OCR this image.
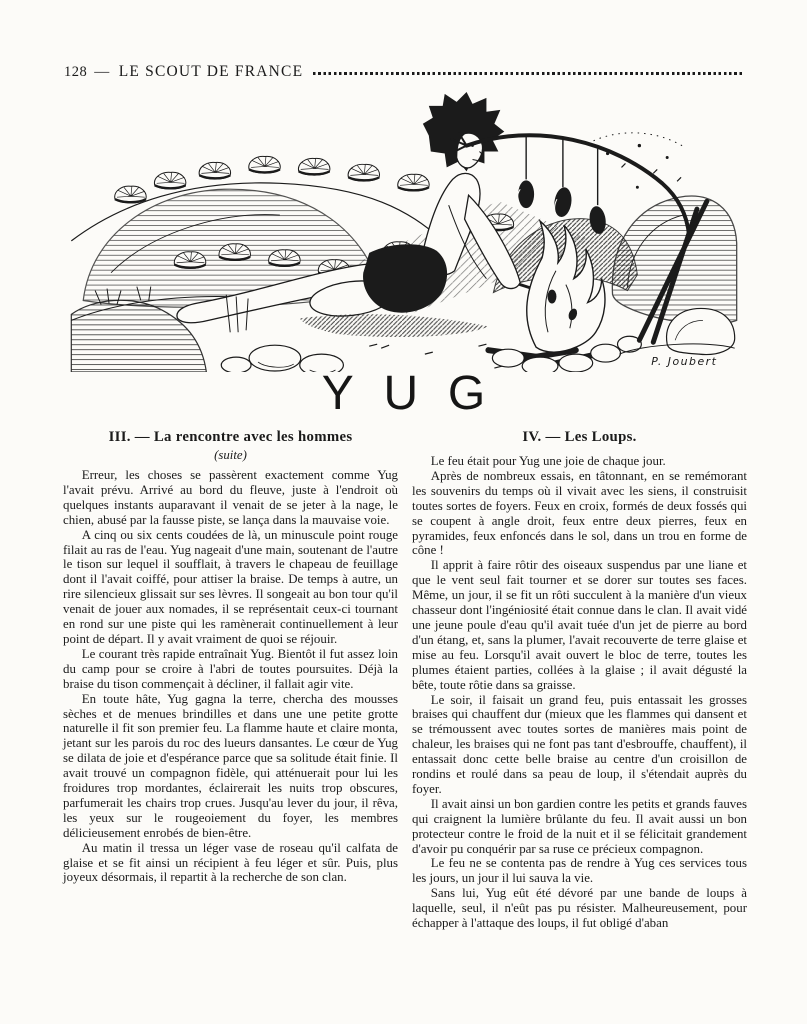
128 — LE SCOUT DE FRANCE
P. Joubert
YUG
III. — La rencontre avec les hommes
(suite)

Erreur, les choses se passèrent exactement comme Yug l'avait prévu. Arrivé au bord du fleuve, juste à l'endroit où quelques instants auparavant il venait de se jeter à la nage, le chien, abusé par la fausse piste, se lança dans la mauvaise voie.

A cinq ou six cents coudées de là, un minuscule point rouge filait au ras de l'eau. Yug nageait d'une main, soutenant de l'autre le tison sur lequel il soufflait, à travers le chapeau de feuillage dont il l'avait coiffé, pour attiser la braise. De temps à autre, un rire silencieux glissait sur ses lèvres. Il songeait au bon tour qu'il venait de jouer aux nomades, il se représentait ceux-ci tournant en rond sur une piste qui les ramènerait continuellement à leur point de départ. Il y avait vraiment de quoi se réjouir.

Le courant très rapide entraînait Yug. Bientôt il fut assez loin du camp pour se croire à l'abri de toutes poursuites. Déjà la braise du tison commençait à décliner, il fallait agir vite.

En toute hâte, Yug gagna la terre, chercha des mousses sèches et de menues brindilles et dans une une petite grotte naturelle il fit son premier feu. La flamme haute et claire monta, jetant sur les parois du roc des lueurs dansantes. Le cœur de Yug se dilata de joie et d'espérance parce que sa solitude était finie. Il avait trouvé un compagnon fidèle, qui atténuerait pour lui les froidures trop mordantes, éclairerait les nuits trop obscures, parfumerait les chairs trop crues. Jusqu'au lever du jour, il rêva, les yeux sur le rougeoiement du foyer, les membres délicieusement enrobés de bien-être.

Au matin il tressa un léger vase de roseau qu'il calfata de glaise et se fit ainsi un récipient à feu léger et sûr. Puis, plus joyeux désormais, il repartit à la recherche de son clan.

IV. — Les Loups.

Le feu était pour Yug une joie de chaque jour.

Après de nombreux essais, en tâtonnant, en se remémorant les souvenirs du temps où il vivait avec les siens, il construisit toutes sortes de foyers. Feux en croix, formés de deux fossés qui se coupent à angle droit, feux entre deux pierres, feux en pyramides, feux enfoncés dans le sol, dans un trou en forme de cône !

Il apprit à faire rôtir des oiseaux suspendus par une liane et que le vent seul fait tourner et se dorer sur toutes ses faces. Même, un jour, il se fit un rôti succulent à la manière d'un vieux chasseur dont l'ingéniosité était connue dans le clan. Il avait vidé une jeune poule d'eau qu'il avait tuée d'un jet de pierre au bord d'un étang, et, sans la plumer, l'avait recouverte de terre glaise et mise au feu. Lorsqu'il avait ouvert le bloc de terre, toutes les plumes étaient parties, collées à la glaise ; il avait dégusté la bête, toute rôtie dans sa graisse.

Le soir, il faisait un grand feu, puis entassait les grosses braises qui chauffent dur (mieux que les flammes qui dansent et se trémoussent avec toutes sortes de manières mais point de chaleur, les braises qui ne font pas tant d'esbrouffe, chauffent), il entassait donc cette belle braise au centre d'un croisillon de rondins et roulé dans sa peau de loup, il s'étendait auprès du foyer.

Il avait ainsi un bon gardien contre les petits et grands fauves qui craignent la lumière brûlante du feu. Il avait aussi un bon protecteur contre le froid de la nuit et il se félicitait grandement d'avoir pu conquérir par sa ruse ce précieux compagnon.

Le feu ne se contenta pas de rendre à Yug ces services tous les jours, un jour il lui sauva la vie.

Sans lui, Yug eût été dévoré par une bande de loups à laquelle, seul, il n'eût pas pu résister. Malheureusement, pour échapper à l'attaque des loups, il fut obligé d'aban
